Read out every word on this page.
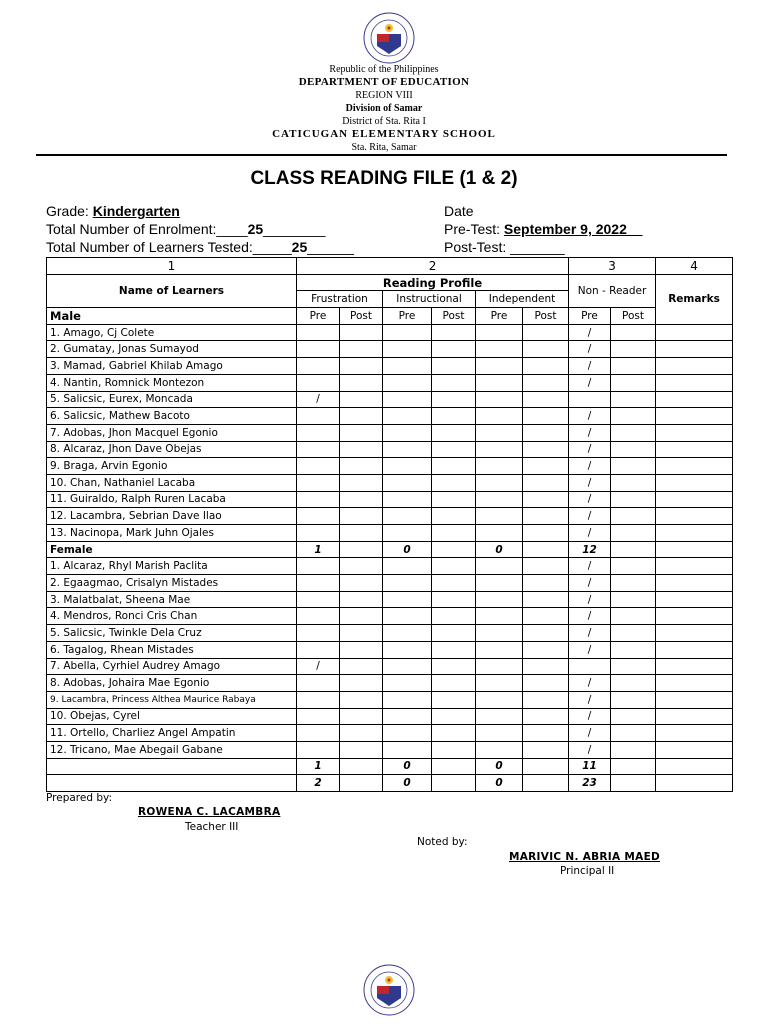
Republic of the Philippines
DEPARTMENT OF EDUCATION
REGION VIII
Division of Samar
District of Sta. Rita I
CATICUGAN ELEMENTARY SCHOOL
Sta. Rita, Samar
CLASS READING FILE (1 & 2)
Grade: Kindergarten
Total Number of Enrolment:____25________
Total Number of Learners Tested:_____25______
Date
Pre-Test: September 9, 2022__
Post-Test: _______
1	2						3		4
Name of Learners	Reading Profile						Non - Reader		Remarks
	Frustration		Instructional		Independent				
Male	Pre	Post	Pre	Post	Pre	Post	Pre	Post	
1. Amago, Cj Colete							/		
2. Gumatay, Jonas Sumayod							/		
3. Mamad, Gabriel Khilab Amago							/		
4. Nantin, Romnick Montezon							/		
5. Salicsic, Eurex, Moncada	/								
6. Salicsic, Mathew Bacoto							/		
7. Adobas, Jhon Macquel Egonio							/		
8. Alcaraz, Jhon Dave Obejas							/		
9. Braga, Arvin Egonio							/		
10. Chan, Nathaniel Lacaba							/		
11. Guiraldo, Ralph Ruren Lacaba							/		
12. Lacambra, Sebrian Dave Ilao							/		
13. Nacinopa, Mark Juhn Ojales							/		
Female	1		0		0		12		
1. Alcaraz, Rhyl Marish Paclita							/		
2. Egaagmao, Crisalyn Mistades							/		
3. Malatbalat, Sheena Mae							/		
4. Mendros, Ronci Cris Chan							/		
5. Salicsic, Twinkle Dela Cruz							/		
6. Tagalog, Rhean Mistades							/		
7. Abella, Cyrhiel Audrey Amago	/								
8. Adobas, Johaira Mae Egonio							/		
9. Lacambra, Princess Althea Maurice Rabaya							/		
10. Obejas, Cyrel							/		
11. Ortello, Charliez Angel Ampatin							/		
12. Tricano, Mae Abegail Gabane							/		
	1		0		0		11		
	2		0		0		23		
Prepared by:
ROWENA C. LACAMBRA
Teacher III
Noted by:
MARIVIC N. ABRIA MAED
Principal II
